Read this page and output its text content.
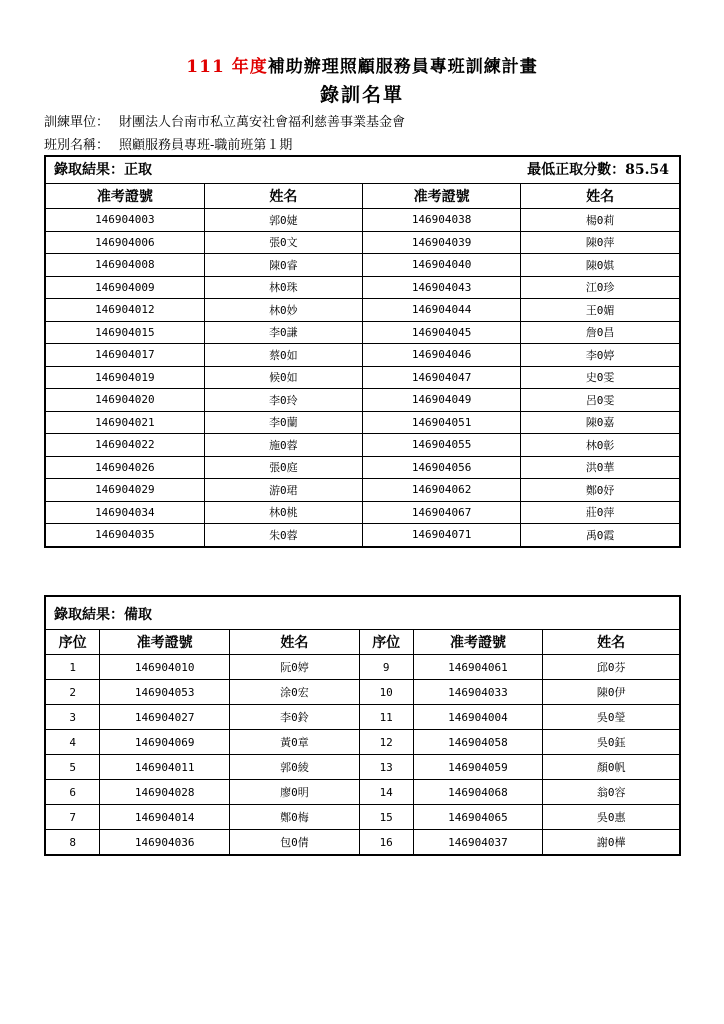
111 年度補助辦理照顧服務員專班訓練計畫
錄訓名單
訓練單位： 財團法人台南市私立萬安社會福利慈善事業基金會
班別名稱： 照顧服務員專班-職前班第１期
錄取結果：正取	最低正取分數：85.54
准考證號	姓名	准考證號	姓名
146904003	郭0婕	146904038	楊0莉
146904006	張0文	146904039	陳0萍
146904008	陳0睿	146904040	陳0娸
146904009	林0珠	146904043	江0珍
146904012	林0妙	146904044	王0媚
146904015	李0謙	146904045	詹0昌
146904017	蔡0如	146904046	李0婷
146904019	候0如	146904047	史0雯
146904020	李0玲	146904049	呂0雯
146904021	李0蘭	146904051	陳0嘉
146904022	施0蓉	146904055	林0彰
146904026	張0庭	146904056	洪0華
146904029	游0珺	146904062	鄭0妤
146904034	林0桃	146904067	莊0萍
146904035	朱0蓉	146904071	禹0霞
錄取結果：備取
序位	准考證號	姓名	序位	准考證號	姓名
1	146904010	阮0婷	9	146904061	邱0芬
2	146904053	涂0宏	10	146904033	陳0伊
3	146904027	李0鈴	11	146904004	吳0瑩
4	146904069	黃0章	12	146904058	吳0鈺
5	146904011	郭0綾	13	146904059	顏0帆
6	146904028	廖0明	14	146904068	翁0容
7	146904014	鄭0梅	15	146904065	吳0惠
8	146904036	包0倩	16	146904037	謝0樺
